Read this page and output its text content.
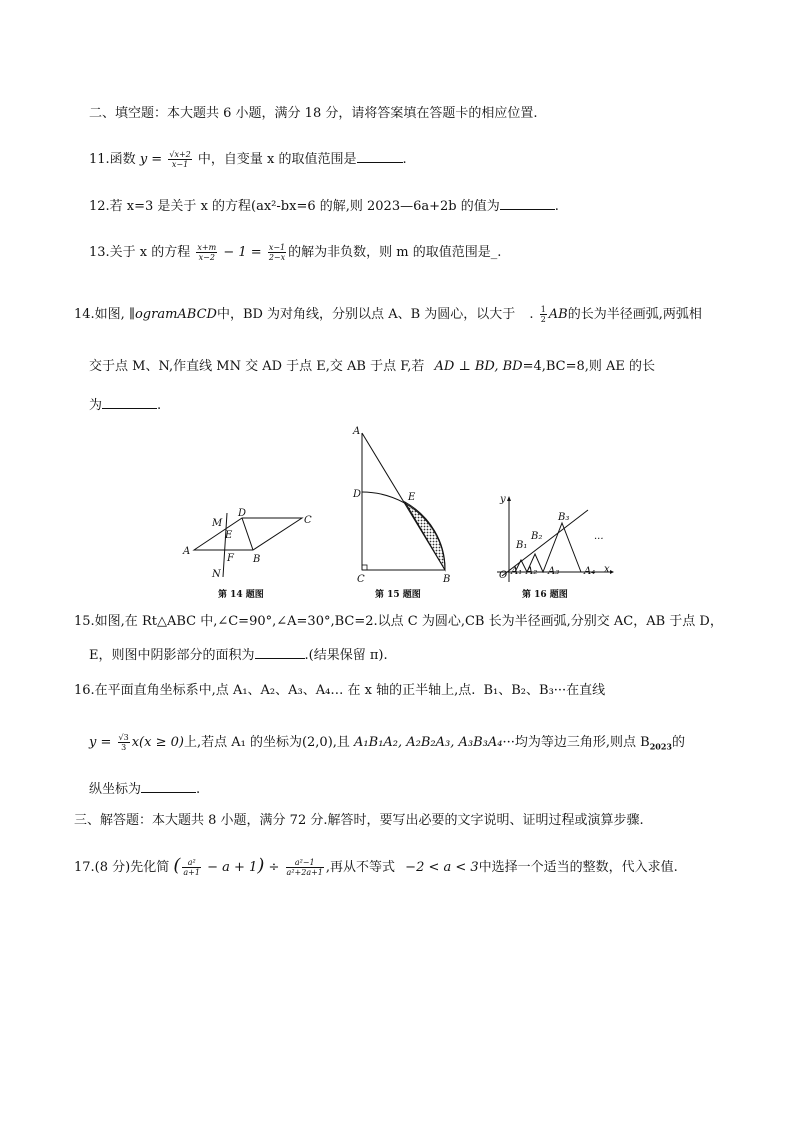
二、填空题：本大题共 6 小题，满分 18 分，请将答案填在答题卡的相应位置.
11.函数 $y = \frac{√x+2}{x-1}$ 中，自变量 x 的取值范围是	.
12.若 x=3 是关于 x 的方程(ax²-bx=6 的解,则 2023—6a+2b 的值为	.
13.关于 x 的方程 $\frac{x+m}{x-2} - 1 = \frac{x-1}{2-x}$ 的解为非负数，则 m 的取值范围是_.
14.如图, ∥ogramABCD中，BD 为对角线，分别以点 A、B 为圆心，以大于 . $\frac{1}{2}$ AB的长为半径画弧,两弧相
交于点 M、N,作直线 MN 交 AD 于点 E,交 AB 于点 F,若 AD ⊥ BD, BD=4,BC=8,则 AE 的长
为	.
A
B
C
D
E
F
M
N
第 14 题图
A
B
C
D	E
第 15 题图
y
x
O A₁ A₂ A₃ A₄
B₁
B₂
B₃
···
第 16 题图
15.如图,在 Rt△ABC 中,∠C=90°,∠A=30°,BC=2.以点 C 为圆心,CB 长为半径画弧,分别交 AC，AB 于点 D，
E，则图中阴影部分的面积为	.(结果保留 π).
16.在平面直角坐标系中,点 A₁、A₂、A₃、A₄… 在 x 轴的正半轴上,点. B₁、B₂、B₃···在直线
$y = \frac{√3}{3} x(x \ge 0)$上,若点 A₁ 的坐标为(2,0),且 A₁B₁A₂, A₂B₂A₃, A₃B₃A₄···均为等边三角形,则点 $B_{2023}$的
纵坐标为	.
三、解答题：本大题共 8 小题，满分 72 分.解答时，要写出必要的文字说明、证明过程或演算步骤.
17.(8 分)先化简 ( $\frac{\text{a²}}{a+1} - a + 1) \div \frac{\text{a²−1}}{\text{a²+2a+1}}$ ,再从不等式 −2 < a < 3中选择一个适当的整数，代入求值.
